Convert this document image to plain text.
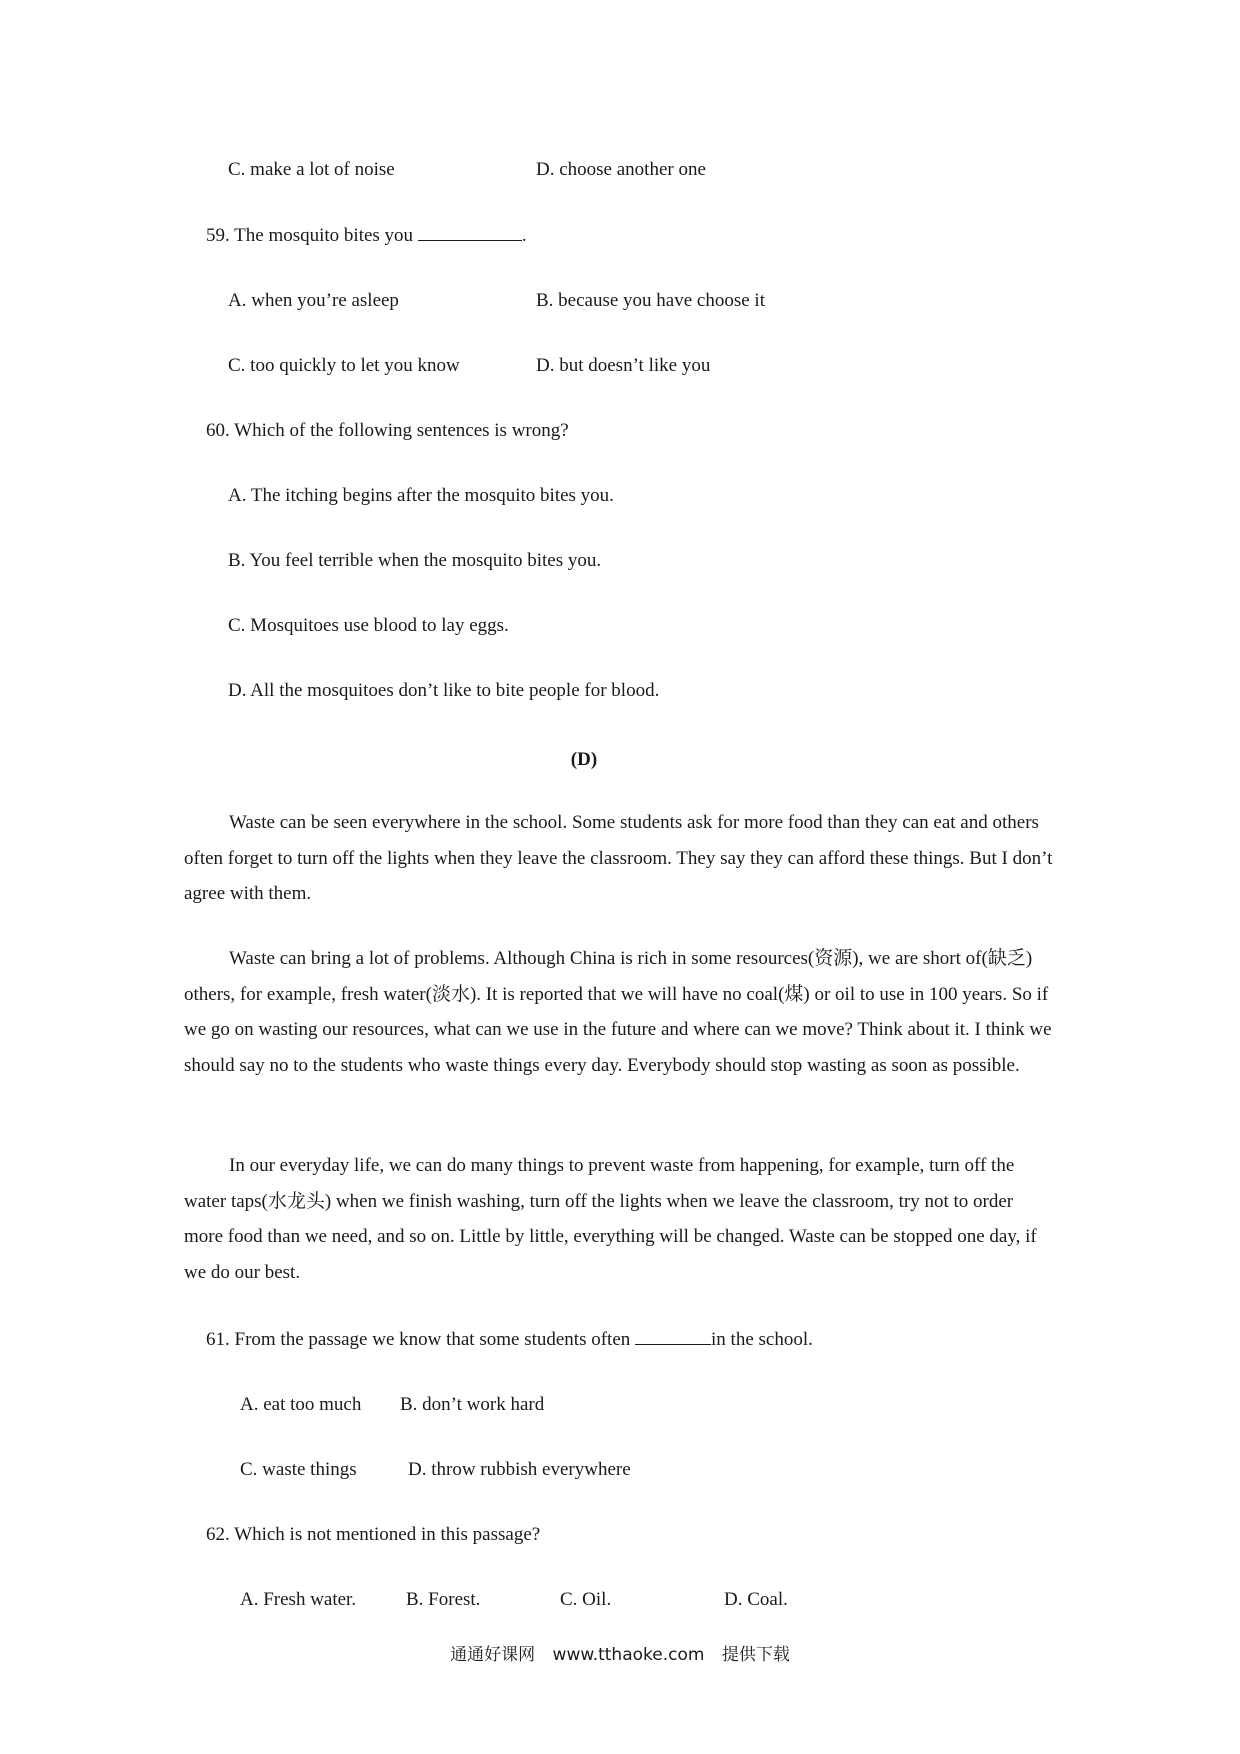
C. make a lot of noise	D. choose another one
59. The mosquito bites you	.
A. when you’re asleep	B. because you have choose it
C. too quickly to let you know	D. but doesn’t like you
60. Which of the following sentences is wrong?
A. The itching begins after the mosquito bites you.
B. You feel terrible when the mosquito bites you.
C. Mosquitoes use blood to lay eggs.
D. All the mosquitoes don’t like to bite people for blood.
(D)

Waste can be seen everywhere in the school. Some students ask for more food than they can eat and others often forget to turn off the lights when they leave the classroom. They say they can afford these things. But I don’t agree with them.

Waste can bring a lot of problems. Although China is rich in some resources(资源), we are short of(缺乏) others, for example, fresh water(淡水). It is reported that we will have no coal(煤) or oil to use in 100 years. So if we go on wasting our resources, what can we use in the future and where can we move? Think about it. I think we should say no to the students who waste things every day. Everybody should stop wasting as soon as possible.

In our everyday life, we can do many things to prevent waste from happening, for example, turn off the water taps(水龙头) when we finish washing, turn off the lights when we leave the classroom, try not to order more food than we need, and so on. Little by little, everything will be changed. Waste can be stopped one day, if we do our best.

61. From the passage we know that some students often	in the school.
A. eat too much B. don’t work hard
C. waste things	D. throw rubbish everywhere
62. Which is not mentioned in this passage?
A. Fresh water.	B. Forest.	C. Oil.	D. Coal.
通通好课网 www.tthaoke.com 提供下载
